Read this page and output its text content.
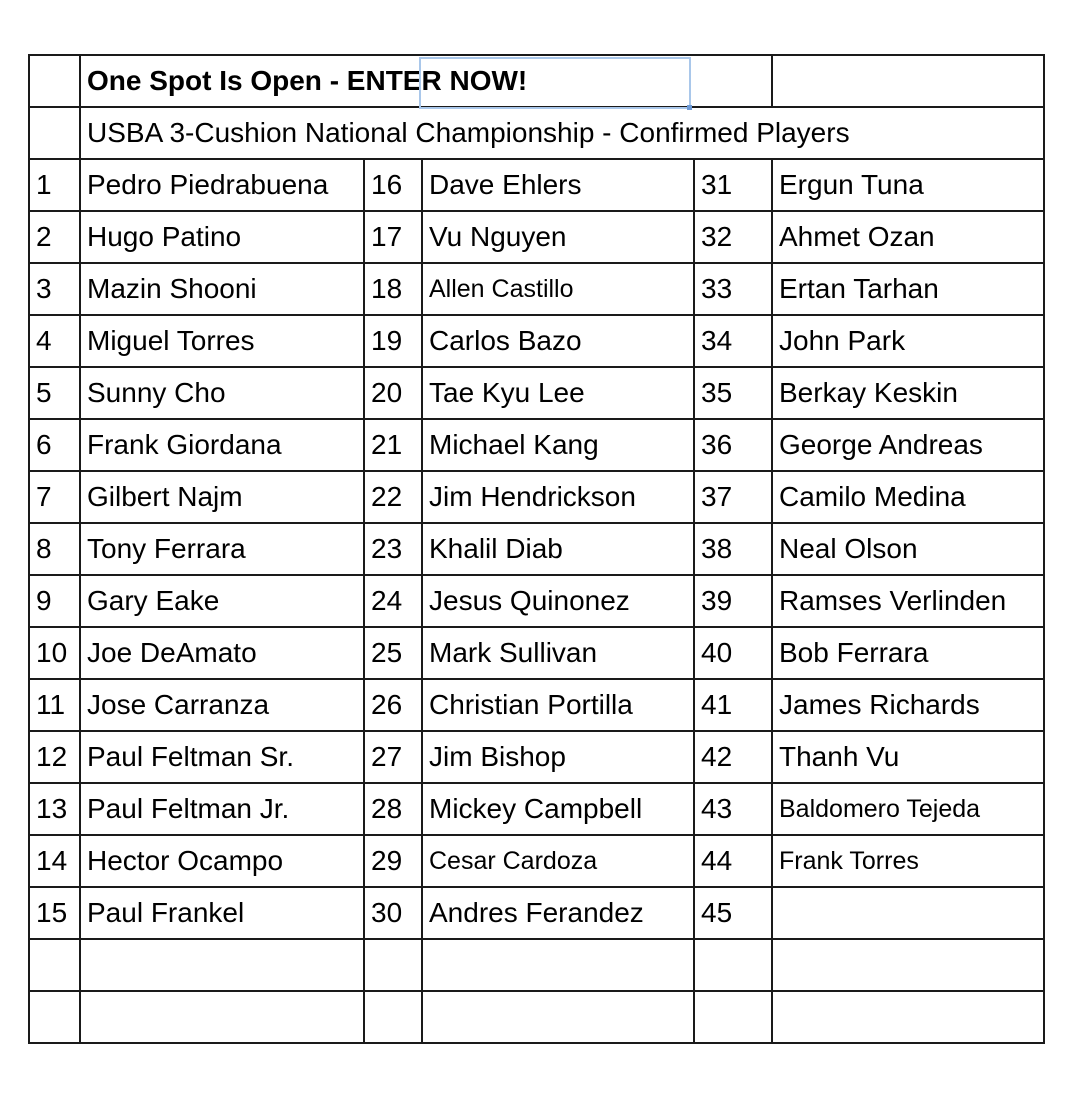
	One Spot Is Open - ENTER NOW!				
	USBA 3-Cushion National Championship - Confirmed Players				
1	Pedro Piedrabuena	16	Dave Ehlers	31	Ergun Tuna
2	Hugo Patino	17	Vu Nguyen	32	Ahmet Ozan
3	Mazin Shooni	18	Allen Castillo	33	Ertan Tarhan
4	Miguel Torres	19	Carlos Bazo	34	John Park
5	Sunny Cho	20	Tae Kyu Lee	35	Berkay Keskin
6	Frank Giordana	21	Michael Kang	36	George Andreas
7	Gilbert Najm	22	Jim Hendrickson	37	Camilo Medina
8	Tony Ferrara	23	Khalil Diab	38	Neal Olson
9	Gary Eake	24	Jesus Quinonez	39	Ramses Verlinden
10	Joe DeAmato	25	Mark Sullivan	40	Bob Ferrara
11	Jose Carranza	26	Christian Portilla	41	James Richards
12	Paul Feltman Sr.	27	Jim Bishop	42	Thanh Vu
13	Paul Feltman Jr.	28	Mickey Campbell	43	Baldomero Tejeda
14	Hector Ocampo	29	Cesar Cardoza	44	Frank Torres
15	Paul Frankel	30	Andres Ferandez	45	
